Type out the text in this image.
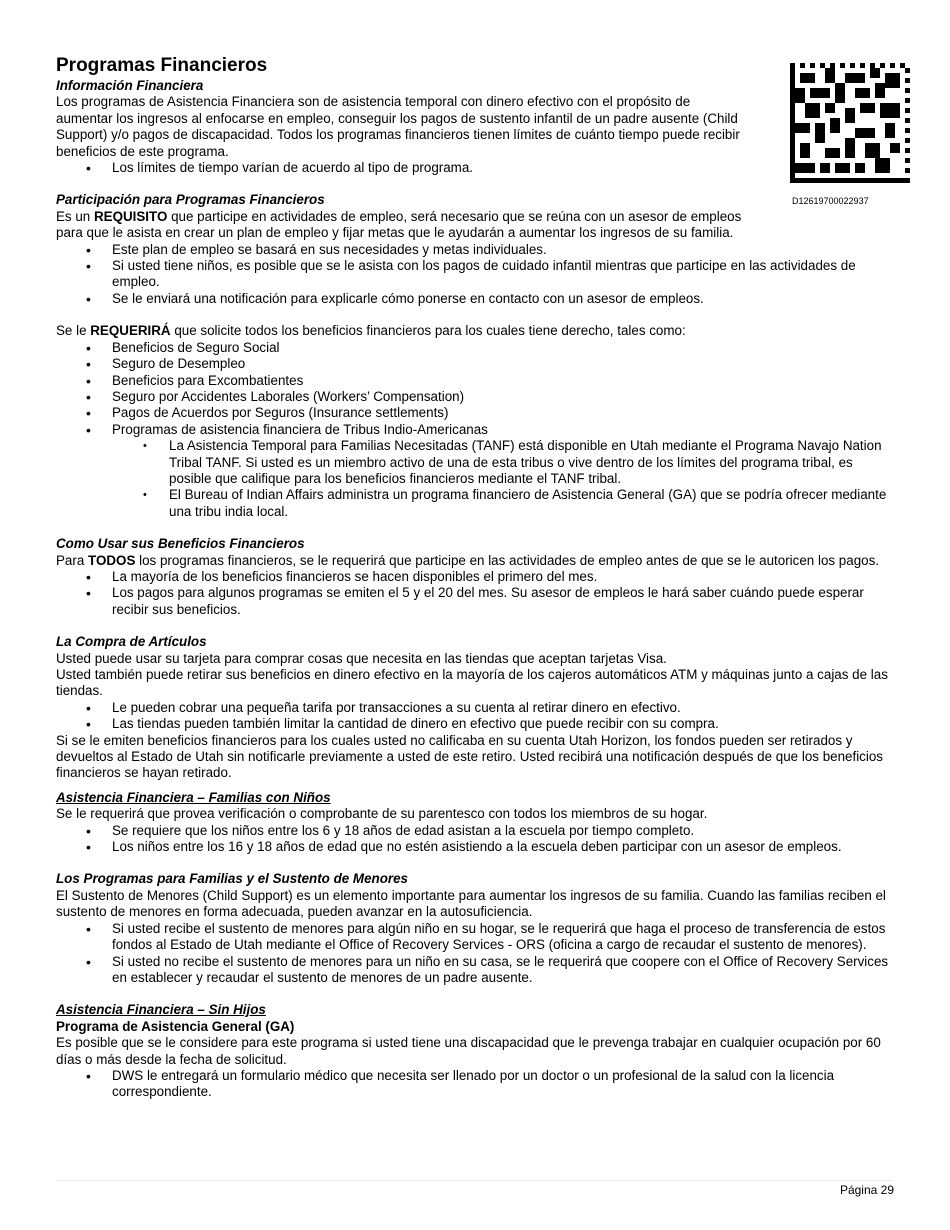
D12619700022937
Programas Financieros
Información Financiera

Los programas de Asistencia Financiera son de asistencia temporal con dinero efectivo con el propósito de aumentar los ingresos al enfocarse en empleo, conseguir los pagos de sustento infantil de un padre ausente (Child Support) y/o pagos de discapacidad. Todos los programas financieros tienen límites de cuánto tiempo puede recibir beneficios de este programa.

• Los límites de tiempo varían de acuerdo al tipo de programa.
Participación para Programas Financieros

Es un REQUISITO que participe en actividades de empleo, será necesario que se reúna con un asesor de empleos para que le asista en crear un plan de empleo y fijar metas que le ayudarán a aumentar los ingresos de su familia.

• Este plan de empleo se basará en sus necesidades y metas individuales.
• Si usted tiene niños, es posible que se le asista con los pagos de cuidado infantil mientras que participe en las actividades de empleo.
• Se le enviará una notificación para explicarle cómo ponerse en contacto con un asesor de empleos.

Se le REQUERIRÁ que solicite todos los beneficios financieros para los cuales tiene derecho, tales como:

• Beneficios de Seguro Social
• Seguro de Desempleo
• Beneficios para Excombatientes
• Seguro por Accidentes Laborales (Workers’ Compensation)
• Pagos de Acuerdos por Seguros (Insurance settlements)
• Programas de asistencia financiera de Tribus Indio-Americanas
• La Asistencia Temporal para Familias Necesitadas (TANF) está disponible en Utah mediante el Programa Navajo Nation Tribal TANF. Si usted es un miembro activo de una de esta tribus o vive dentro de los límites del programa tribal, es posible que califique para los beneficios financieros mediante el TANF tribal.
• El Bureau of Indian Affairs administra un programa financiero de Asistencia General (GA) que se podría ofrecer mediante una tribu india local.
Como Usar sus Beneficios Financieros

Para TODOS los programas financieros, se le requerirá que participe en las actividades de empleo antes de que se le autoricen los pagos.

• La mayoría de los beneficios financieros se hacen disponibles el primero del mes.
• Los pagos para algunos programas se emiten el 5 y el 20 del mes. Su asesor de empleos le hará saber cuándo puede esperar recibir sus beneficios.
La Compra de Artículos

Usted puede usar su tarjeta para comprar cosas que necesita en las tiendas que aceptan tarjetas Visa.

Usted también puede retirar sus beneficios en dinero efectivo en la mayoría de los cajeros automáticos ATM y máquinas junto a cajas de las tiendas.

• Le pueden cobrar una pequeña tarifa por transacciones a su cuenta al retirar dinero en efectivo.
• Las tiendas pueden también limitar la cantidad de dinero en efectivo que puede recibir con su compra.

Si se le emiten beneficios financieros para los cuales usted no calificaba en su cuenta Utah Horizon, los fondos pueden ser retirados y devueltos al Estado de Utah sin notificarle previamente a usted de este retiro. Usted recibirá una notificación después de que los beneficios financieros se hayan retirado.

Asistencia Financiera – Familias con Niños

Se le requerirá que provea verificación o comprobante de su parentesco con todos los miembros de su hogar.

• Se requiere que los niños entre los 6 y 18 años de edad asistan a la escuela por tiempo completo.
• Los niños entre los 16 y 18 años de edad que no estén asistiendo a la escuela deben participar con un asesor de empleos.
Los Programas para Familias y el Sustento de Menores

El Sustento de Menores (Child Support) es un elemento importante para aumentar los ingresos de su familia. Cuando las familias reciben el sustento de menores en forma adecuada, pueden avanzar en la autosuficiencia.

• Si usted recibe el sustento de menores para algún niño en su hogar, se le requerirá que haga el proceso de transferencia de estos fondos al Estado de Utah mediante el Office of Recovery Services - ORS (oficina a cargo de recaudar el sustento de menores).
• Si usted no recibe el sustento de menores para un niño en su casa, se le requerirá que coopere con el Office of Recovery Services en establecer y recaudar el sustento de menores de un padre ausente.
Asistencia Financiera – Sin Hijos
Programa de Asistencia General (GA)

Es posible que se le considere para este programa si usted tiene una discapacidad que le prevenga trabajar en cualquier ocupación por 60 días o más desde la fecha de solicitud.

• DWS le entregará un formulario médico que necesita ser llenado por un doctor o un profesional de la salud con la licencia correspondiente.
Página 29
